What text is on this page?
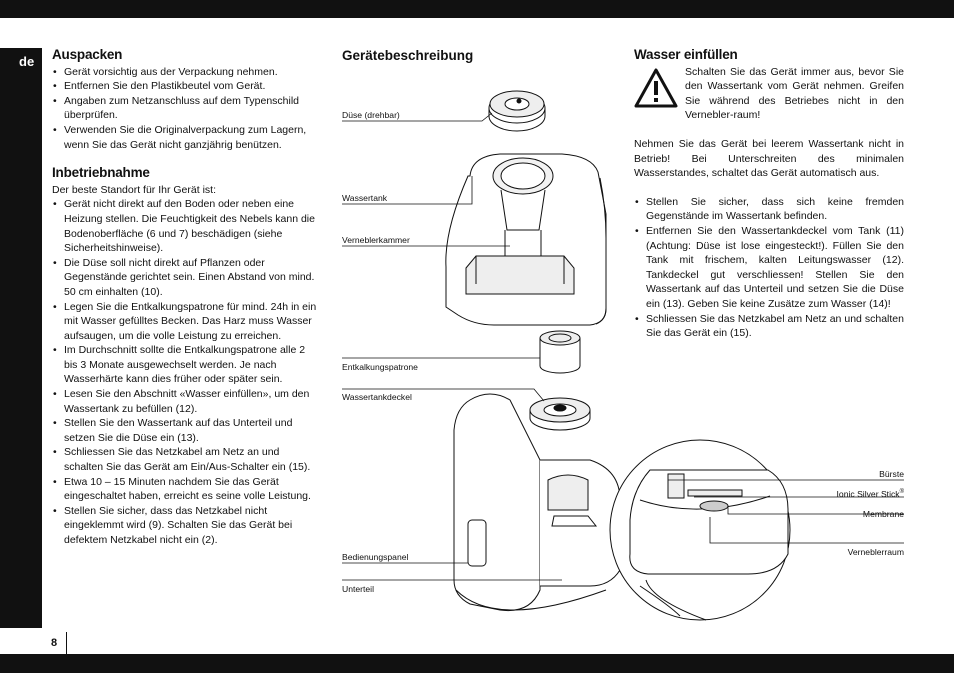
de Auspacken
• Gerät vorsichtig aus der Verpackung nehmen.
• Entfernen Sie den Plastikbeutel vom Gerät.
• Angaben zum Netzanschluss auf dem Typenschild überprüfen.
• Verwenden Sie die Originalverpackung zum Lagern, wenn Sie das Gerät nicht ganzjährig benützen.
Inbetriebnahme

Der beste Standort für Ihr Gerät ist:

• Gerät nicht direkt auf den Boden oder neben eine Heizung stellen. Die Feuchtigkeit des Nebels kann die Bodenoberfläche (6 und 7) beschädigen (siehe Sicherheitshinweise).
• Die Düse soll nicht direkt auf Pflanzen oder Gegenstände gerichtet sein. Einen Abstand von mind. 50 cm einhalten (10).
• Legen Sie die Entkalkungspatrone für mind. 24h in ein mit Wasser gefülltes Becken. Das Harz muss Wasser aufsaugen, um die volle Leistung zu erreichen.
• Im Durchschnitt sollte die Entkalkungspatrone alle 2 bis 3 Monate ausgewechselt werden. Je nach Wasserhärte kann dies früher oder später sein.
• Lesen Sie den Abschnitt «Wasser einfüllen», um den Wassertank zu befüllen (12).
• Stellen Sie den Wassertank auf das Unterteil und setzen Sie die Düse ein (13).
• Schliessen Sie das Netzkabel am Netz an und schalten Sie das Gerät am Ein/Aus-Schalter ein (15).
• Etwa 10 – 15 Minuten nachdem Sie das Gerät eingeschaltet haben, erreicht es seine volle Leistung.
• Stellen Sie sicher, dass das Netzkabel nicht eingeklemmt wird (9). Schalten Sie das Gerät bei defektem Netzkabel nicht ein (2).
Gerätebeschreibung
Düse (drehbar)
Wassertank
Verneblerkammer
Entkalkungspatrone
Wassertankdeckel
Bedienungspanel
Unterteil
Bürste
Ionic Silver Stick®
Membrane
Verneblerraum
Wasser einfüllen

Schalten Sie das Gerät immer aus, bevor Sie den Wassertank vom Gerät nehmen. Greifen Sie während des Betriebes nicht in den Vernebler-raum!

Nehmen Sie das Gerät bei leerem Wassertank nicht in Betrieb! Bei Unterschreiten des minimalen Wasserstandes, schaltet das Gerät automatisch aus.

• Stellen Sie sicher, dass sich keine fremden Gegenstände im Wassertank befinden.
• Entfernen Sie den Wassertankdeckel vom Tank (11) (Achtung: Düse ist lose eingesteckt!). Füllen Sie den Tank mit frischem, kalten Leitungswasser (12). Tankdeckel gut verschliessen! Stellen Sie den Wassertank auf das Unterteil und setzen Sie die Düse ein (13). Geben Sie keine Zusätze zum Wasser (14)!
• Schliessen Sie das Netzkabel am Netz an und schalten Sie das Gerät ein (15).
8
